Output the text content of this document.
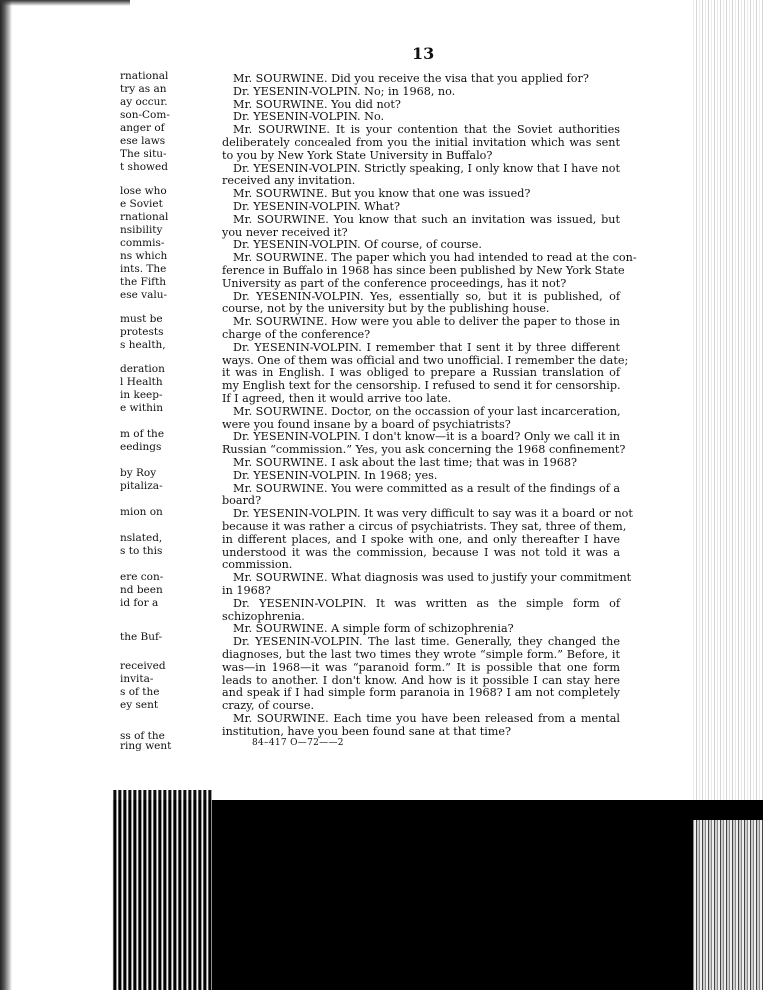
13
rnational
try as an
ay occur.
son-Com-
anger of
ese laws
The situ-
t showed
lose who
e Soviet
rnational
nsibility
commis-
ns which
ints. The
the Fifth
ese valu-
must be
protests
s health,
deration
l Health
in keep-
e within
m of the
eedings
by Roy
pitaliza-
mion on
nslated,
s to this
ere con-
nd been
id for a
the Buf-
received
invita-
s of the
ey sent
ss of the
ring went
Mr. SOURWINE. Did you receive the visa that you applied for?
Dr. YESENIN-VOLPIN. No; in 1968, no.
Mr. SOURWINE. You did not?
Dr. YESENIN-VOLPIN. No.
Mr. SOURWINE. It is your contention that the Soviet authorities
deliberately concealed from you the initial invitation which was sent
to you by New York State University in Buffalo?
Dr. YESENIN-VOLPIN. Strictly speaking, I only know that I have not
received any invitation.
Mr. SOURWINE. But you know that one was issued?
Dr. YESENIN-VOLPIN. What?
Mr. SOURWINE. You know that such an invitation was issued, but
you never received it?
Dr. YESENIN-VOLPIN. Of course, of course.
Mr. SOURWINE. The paper which you had intended to read at the con-
ference in Buffalo in 1968 has since been published by New York State
University as part of the conference proceedings, has it not?
Dr. YESENIN-VOLPIN. Yes, essentially so, but it is published, of
course, not by the university but by the publishing house.
Mr. SOURWINE. How were you able to deliver the paper to those in
charge of the conference?
Dr. YESENIN-VOLPIN. I remember that I sent it by three different
ways. One of them was official and two unofficial. I remember the date;
it was in English. I was obliged to prepare a Russian translation of
my English text for the censorship. I refused to send it for censorship.
If I agreed, then it would arrive too late.
Mr. SOURWINE. Doctor, on the occassion of your last incarceration,
were you found insane by a board of psychiatrists?
Dr. YESENIN-VOLPIN. I don't know—it is a board? Only we call it in
Russian “commission.” Yes, you ask concerning the 1968 confinement?
Mr. SOURWINE. I ask about the last time; that was in 1968?
Dr. YESENIN-VOLPIN. In 1968; yes.
Mr. SOURWINE. You were committed as a result of the findings of a
board?
Dr. YESENIN-VOLPIN. It was very difficult to say was it a board or not
because it was rather a circus of psychiatrists. They sat, three of them,
in different places, and I spoke with one, and only thereafter I have
understood it was the commission, because I was not told it was a
commission.
Mr. SOURWINE. What diagnosis was used to justify your commitment
in 1968?
Dr. YESENIN-VOLPIN. It was written as the simple form of
schizophrenia.
Mr. SOURWINE. A simple form of schizophrenia?
Dr. YESENIN-VOLPIN. The last time. Generally, they changed the
diagnoses, but the last two times they wrote “simple form.” Before, it
was—in 1968—it was “paranoid form.” It is possible that one form
leads to another. I don't know. And how is it possible I can stay here
and speak if I had simple form paranoia in 1968? I am not completely
crazy, of course.
Mr. SOURWINE. Each time you have been released from a mental
institution, have you been found sane at that time?
84–417 O—72——2
